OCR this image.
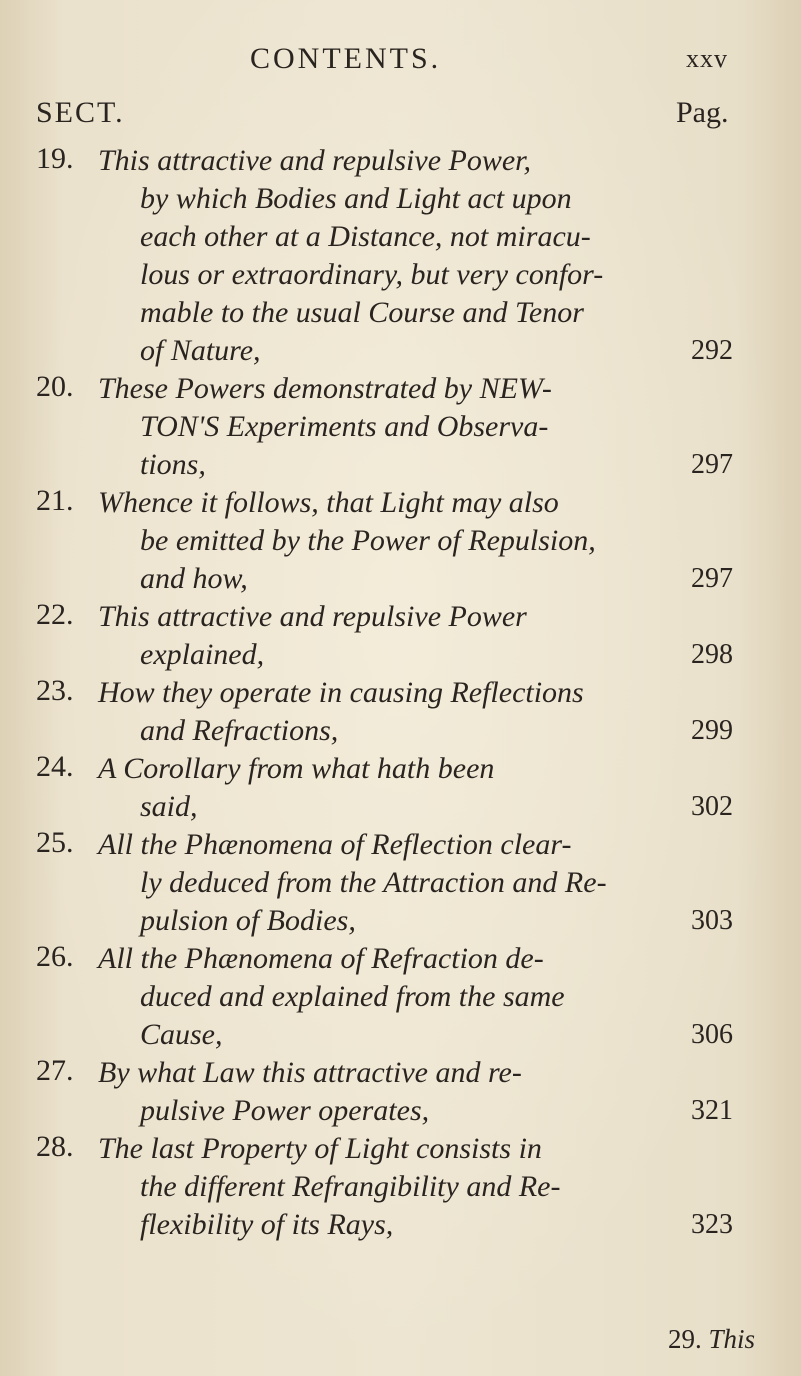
CONTENTS.	xxv
SECT.	Pag.
19. This attractive and repulsive Power,
by which Bodies and Light act upon
each other at a Distance, not miracu-
lous or extraordinary, but very confor-
mable to the usual Course and Tenor
of Nature,	292
20. These Powers demonstrated by NEW-
TON'S Experiments and Observa-
tions,	297
21. Whence it follows, that Light may also
be emitted by the Power of Repulsion,
and how,	297
22. This attractive and repulsive Power
explained,	298
23. How they operate in causing Reflections
and Refractions,	299
24. A Corollary from what hath been
said,	302
25. All the Phænomena of Reflection clear-
ly deduced from the Attraction and Re-
pulsion of Bodies,	303
26. All the Phænomena of Refraction de-
duced and explained from the same
Cause,	306
27. By what Law this attractive and re-
pulsive Power operates,	321
28. The last Property of Light consists in
the different Refrangibility and Re-
flexibility of its Rays,	323
29. This
